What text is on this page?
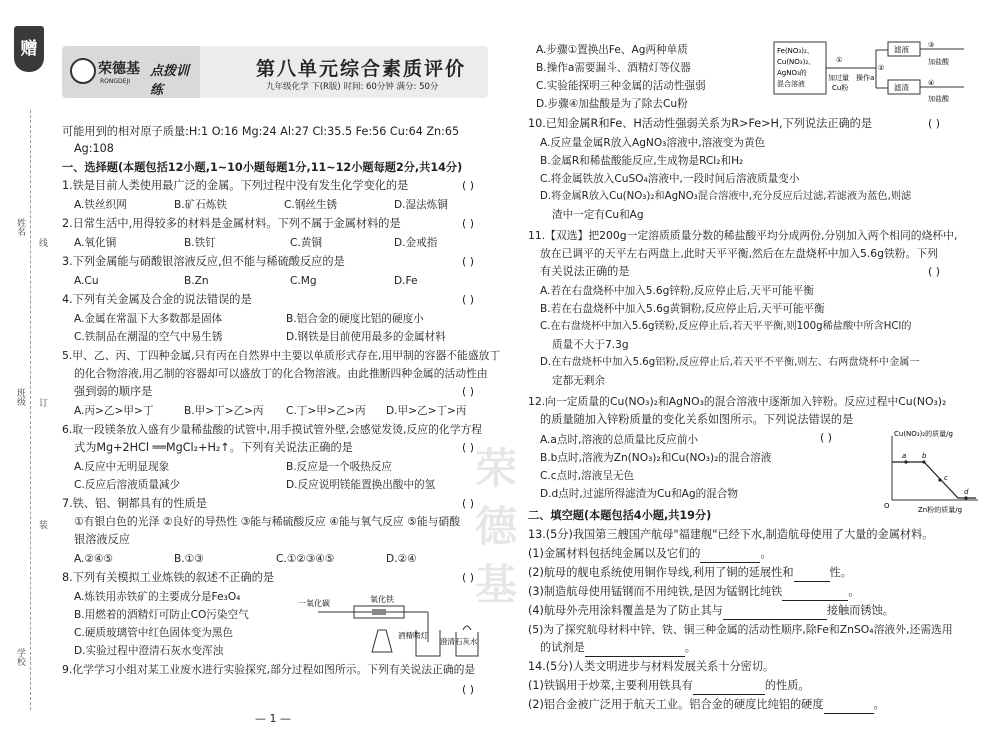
赠
荣德基
RONGDEJI
点拨训练
第八单元综合素质评价
九年级化学 下(R版) 时间: 60分钟 满分: 50分
姓名
线
班级 订
装
学校
可能用到的相对原子质量:H:1 O:16 Mg:24 Al:27 Cl:35.5 Fe:56 Cu:64 Zn:65
Ag:108
一、选择题(本题包括12小题,1~10小题每题1分,11~12小题每题2分,共14分)
1.铁是目前人类使用最广泛的金属。下列过程中没有发生化学变化的是	( )
A.铁丝织网	B.矿石炼铁	C.钢丝生锈	D.湿法炼铜
2.日常生活中,用得较多的材料是金属材料。下列不属于金属材料的是	( )
A.氧化铜	B.铁钉	C.黄铜	D.金戒指
3.下列金属能与硝酸银溶液反应,但不能与稀硫酸反应的是	( )
A.Cu	B.Zn	C.Mg	D.Fe
4.下列有关金属及合金的说法错误的是	( )
A.金属在常温下大多数都是固体	B.铝合金的硬度比铝的硬度小
C.铁制品在潮湿的空气中易生锈	D.钢铁是目前使用最多的金属材料
5.甲、乙、丙、丁四种金属,只有丙在自然界中主要以单质形式存在,用甲制的容器不能盛放丁
的化合物溶液,用乙制的容器却可以盛放丁的化合物溶液。由此推断四种金属的活动性由
强到弱的顺序是	( )
A.丙>乙>甲>丁	B.甲>丁>乙>丙 C.丁>甲>乙>丙 D.甲>乙>丁>丙
6.取一段镁条放入盛有少量稀盐酸的试管中,用手摸试管外壁,会感觉发烫,反应的化学方程
式为Mg+2HCl ══MgCl₂+H₂↑。下列有关说法正确的是	( )
A.反应中无明显现象	B.反应是一个吸热反应
C.反应后溶液质量减少	D.反应说明镁能置换出酸中的氢
7.铁、铝、铜都具有的性质是	( )
①有银白色的光泽 ②良好的导热性 ③能与稀硫酸反应 ④能与氧气反应 ⑤能与硝酸
银溶液反应
A.②④⑤	B.①③	C.①②③④⑤	D.②④
8.下列有关模拟工业炼铁的叙述不正确的是	( )
A.炼铁用赤铁矿的主要成分是Fe₃O₄
B.用燃着的酒精灯可防止CO污染空气
C.硬质玻璃管中红色固体变为黑色
D.实验过程中澄清石灰水变浑浊
一氧化碳	氧化铁
酒精喷灯
澄清石灰水
9.化学学习小组对某工业废水进行实验探究,部分过程如图所示。下列有关说法正确的是
( )
— 1 —
A.步骤①置换出Fe、Ag两种单质
B.操作a需要漏斗、酒精灯等仪器
C.实验能探明三种金属的活动性强弱
D.步骤④加盐酸是为了除去Cu粉
Fe(NO₃)₂、
Cu(NO₃)₂、
AgNO₃的
混合溶液
①
加过量
Cu粉
操作a
滤液
滤渣
③
加盐酸
④
加盐酸
②
10.已知金属R和Fe、H活动性强弱关系为R>Fe>H,下列说法正确的是	( )
A.反应量金属R放入AgNO₃溶液中,溶液变为黄色
B.金属R和稀盐酸能反应,生成物是RCl₂和H₂
C.将金属铁放入CuSO₄溶液中,一段时间后溶液质量变小
D.将金属R放入Cu(NO₃)₂和AgNO₃混合溶液中,充分反应后过滤,若滤液为蓝色,则滤
渣中一定有Cu和Ag
11.【双选】把200g一定溶质质量分数的稀盐酸平均分成两份,分别加入两个相同的烧杯中,
放在已调平的天平左右两盘上,此时天平平衡,然后在左盘烧杯中加入5.6g铁粉。下列
有关说法正确的是	( )
A.若在右盘烧杯中加入5.6g锌粉,反应停止后,天平可能平衡
B.若在右盘烧杯中加入5.6g黄铜粉,反应停止后,天平可能平衡
C.在右盘烧杯中加入5.6g镁粉,反应停止后,若天平平衡,则100g稀盐酸中所含HCl的
质量不大于7.3g
D.在右盘烧杯中加入5.6g铝粉,反应停止后,若天平不平衡,则左、右两盘烧杯中金属一
定都无剩余
12.向一定质量的Cu(NO₃)₂和AgNO₃的混合溶液中逐渐加入锌粉。反应过程中Cu(NO₃)₂
的质量随加入锌粉质量的变化关系如图所示。下列说法错误的是
( )
A.a点时,溶液的总质量比反应前小
B.b点时,溶液为Zn(NO₃)₂和Cu(NO₃)₂的混合溶液
C.c点时,溶液呈无色
D.d点时,过滤所得滤渣为Cu和Ag的混合物
Cu(NO₃)₂的质量/g
Zn粉的质量/g
O
a b
c
d
二、填空题(本题包括4小题,共19分)
13.(5分)我国第三艘国产航母"福建舰"已经下水,制造航母使用了大量的金属材料。
(1)金属材料包括纯金属以及它们的	。
(2)航母的舰电系统使用铜作导线,利用了铜的延展性和	性。
(3)制造航母使用锰钢而不用纯铁,是因为锰钢比纯铁	。
(4)航母外壳用涂料覆盖是为了防止其与	接触而锈蚀。
(5)为了探究航母材料中锌、铁、铜三种金属的活动性顺序,除Fe和ZnSO₄溶液外,还需选用
的试剂是	。
14.(5分)人类文明进步与材料发展关系十分密切。
(1)铁锅用于炒菜,主要利用铁具有	的性质。
(2)铝合金被广泛用于航天工业。铝合金的硬度比纯铝的硬度	。
荣德基
